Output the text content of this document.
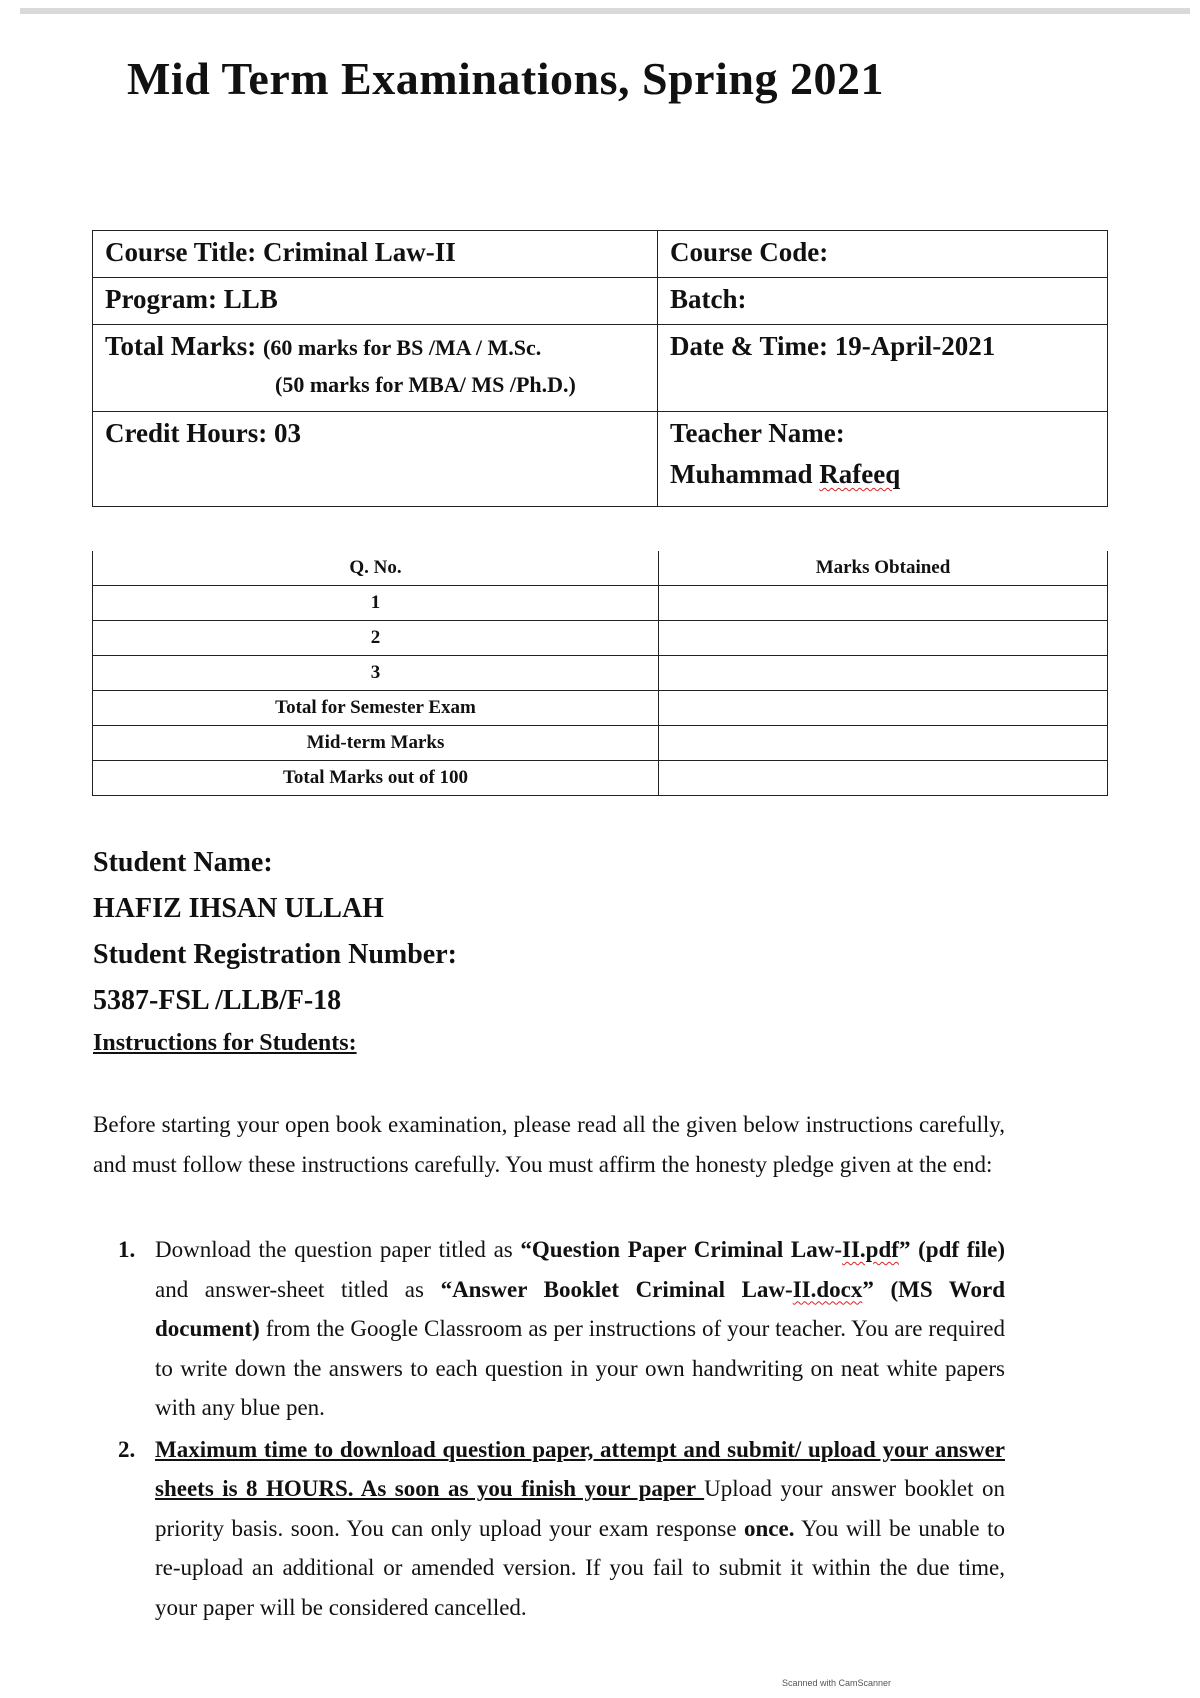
Mid Term Examinations, Spring 2021
Course Title: Criminal Law-II	Course Code:
Program: LLB	Batch:
Total Marks: (60 marks for BS /MA / M.Sc.
(50 marks for MBA/ MS /Ph.D.)	Date & Time: 19-April-2021
Credit Hours: 03	Teacher Name:
Muhammad Rafeeq
Q. No.	Marks Obtained
1	
2	
3	
Total for Semester Exam	
Mid-term Marks	
Total Marks out of 100	
Student Name:
HAFIZ IHSAN ULLAH
Student Registration Number:
5387-FSL /LLB/F-18
Instructions for Students:
Before starting your open book examination, please read all the given below instructions carefully, and must follow these instructions carefully. You must affirm the honesty pledge given at the end:
1. Download the question paper titled as “Question Paper Criminal Law-II.pdf” (pdf file) and answer-sheet titled as “Answer Booklet Criminal Law-II.docx” (MS Word document) from the Google Classroom as per instructions of your teacher. You are required to write down the answers to each question in your own handwriting on neat white papers with any blue pen.
2. Maximum time to download question paper, attempt and submit/ upload your answer sheets is 8 HOURS. As soon as you finish your paper Upload your answer booklet on priority basis. soon. You can only upload your exam response once. You will be unable to re-upload an additional or amended version. If you fail to submit it within the due time, your paper will be considered cancelled.
Scanned with CamScanner
